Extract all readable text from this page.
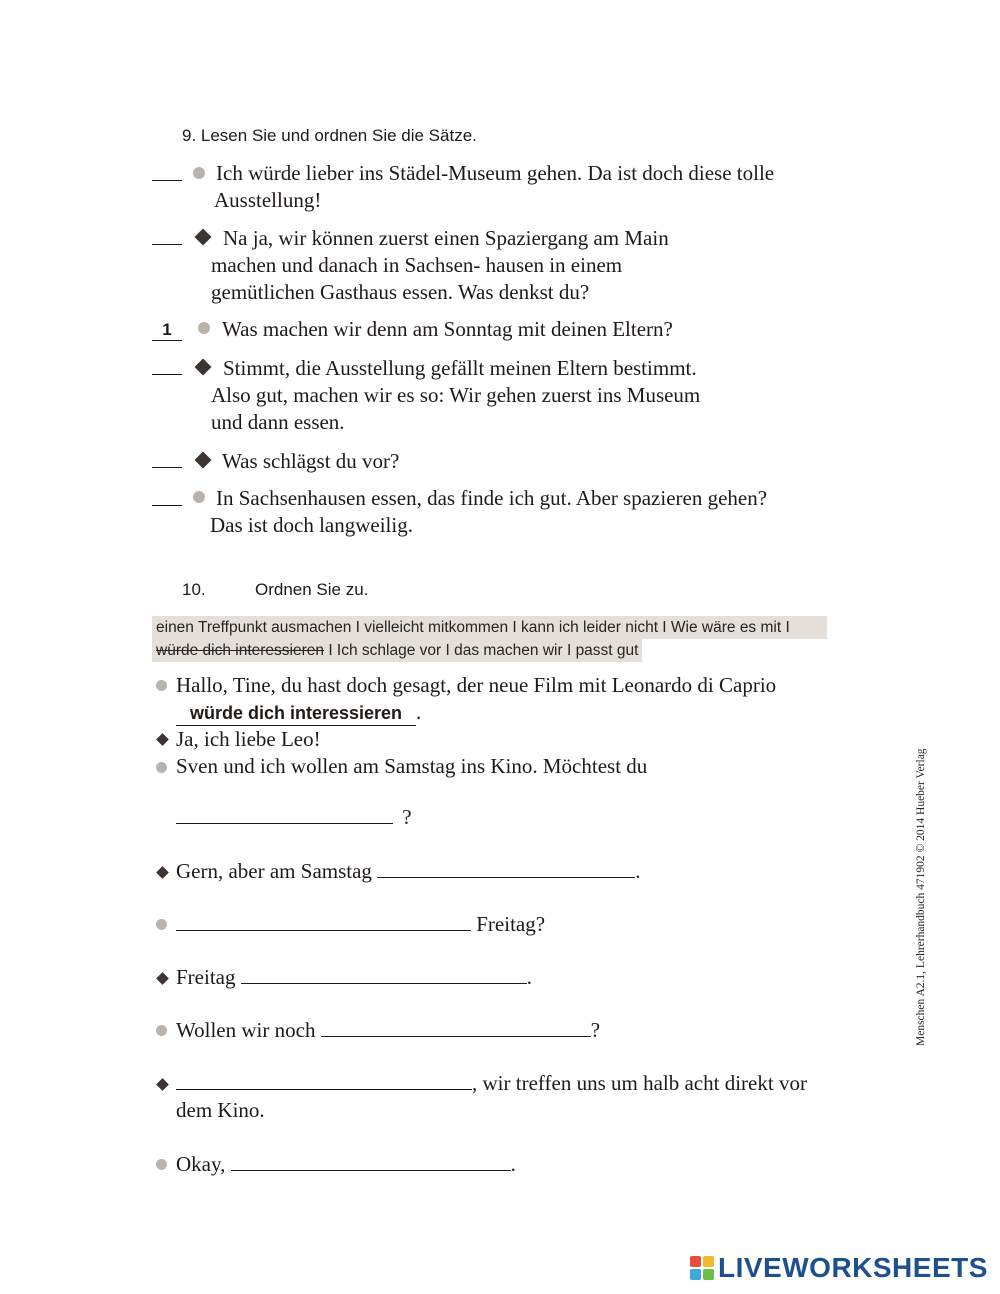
9. Lesen Sie und ordnen Sie die Sätze.
Ich würde lieber ins Städel-Museum gehen. Da ist doch diese tolle
Ausstellung!
Na ja, wir können zuerst einen Spaziergang am Main
machen und danach in Sachsen- hausen in einem
gemütlichen Gasthaus essen. Was denkst du?
1	Was machen wir denn am Sonntag mit deinen Eltern?
Stimmt, die Ausstellung gefällt meinen Eltern bestimmt.
Also gut, machen wir es so: Wir gehen zuerst ins Museum
und dann essen.
Was schlägst du vor?
In Sachsenhausen essen, das finde ich gut. Aber spazieren gehen?
Das ist doch langweilig.
10.	Ordnen Sie zu.
einen Treffpunkt ausmachen I vielleicht mitkommen I kann ich leider nicht I Wie wäre es mit I
würde dich interessieren I Ich schlage vor I das machen wir I passt gut
Hallo, Tine, du hast doch gesagt, der neue Film mit Leonardo di Caprio
würde dich interessieren .
Ja, ich liebe Leo!
Sven und ich wollen am Samstag ins Kino. Möchtest du
?
Gern, aber am Samstag	.
Freitag?
Freitag	.
Wollen wir noch	?
, wir treffen uns um halb acht direkt vor
dem Kino.
Okay,	.
Menschen A2.1, Lehrerhandbuch 471902 © 2014 Hueber Verlag
LIVEWORKSHEETS
